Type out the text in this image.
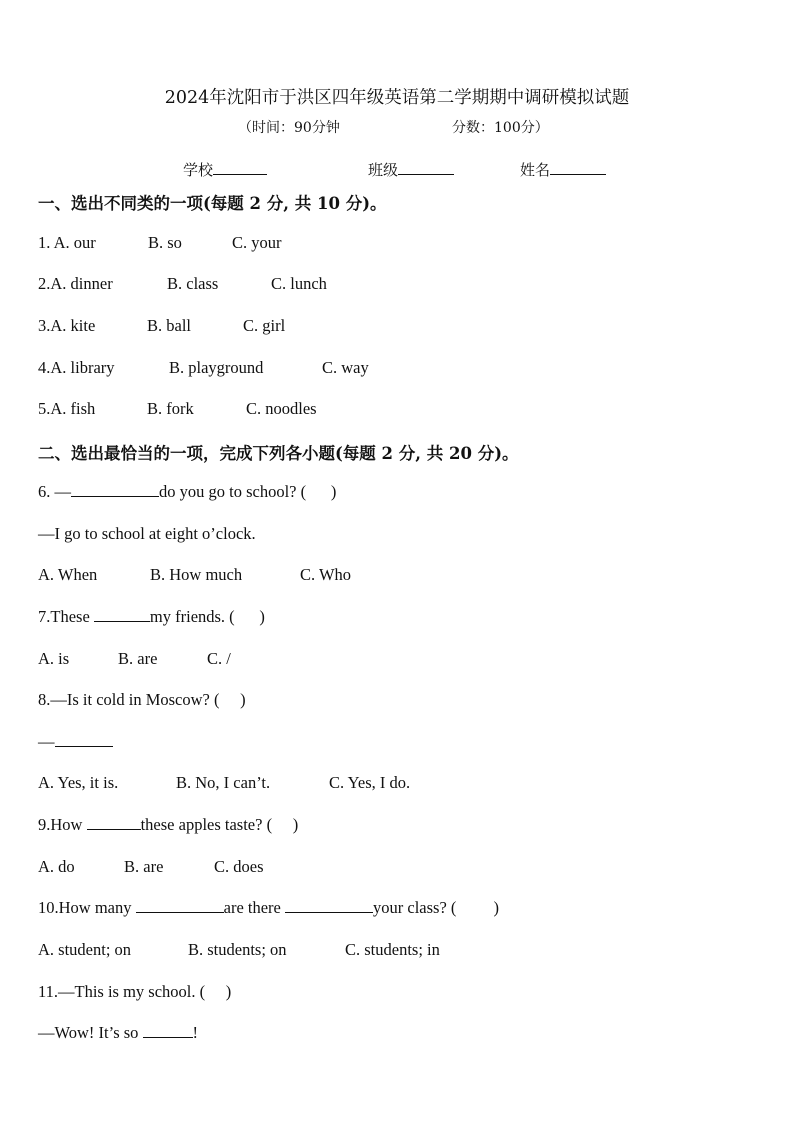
2024年沈阳市于洪区四年级英语第二学期期中调研模拟试题
（时间：90分钟	分数：100分）
学校	班级	姓名
一、选出不同类的一项(每题 2 分, 共 10 分)。
1. A. our	B. so	C. your
2.A. dinner	B. class	C. lunch
3.A. kite	B. ball	C. girl
4.A. library	B. playground	C. way
5.A. fish	B. fork	C. noodles
二、选出最恰当的一项，完成下列各小题(每题 2 分, 共 20 分)。
6. —	do you go to school? (      )
—I go to school at eight o’clock.
A. When	B. How much	C. Who
7.These	my friends. (      )
A. is	B. are	C. /
8.—Is it cold in Moscow? (     )
—
A. Yes, it is.	B. No, I can’t.	C. Yes, I do.
9.How	these apples taste? (     )
A. do	B. are	C. does
10.How many	are there	your class? (         )
A. student; on	B. students; on	C. students; in
11.—This is my school. (     )
—Wow! It’s so	!
